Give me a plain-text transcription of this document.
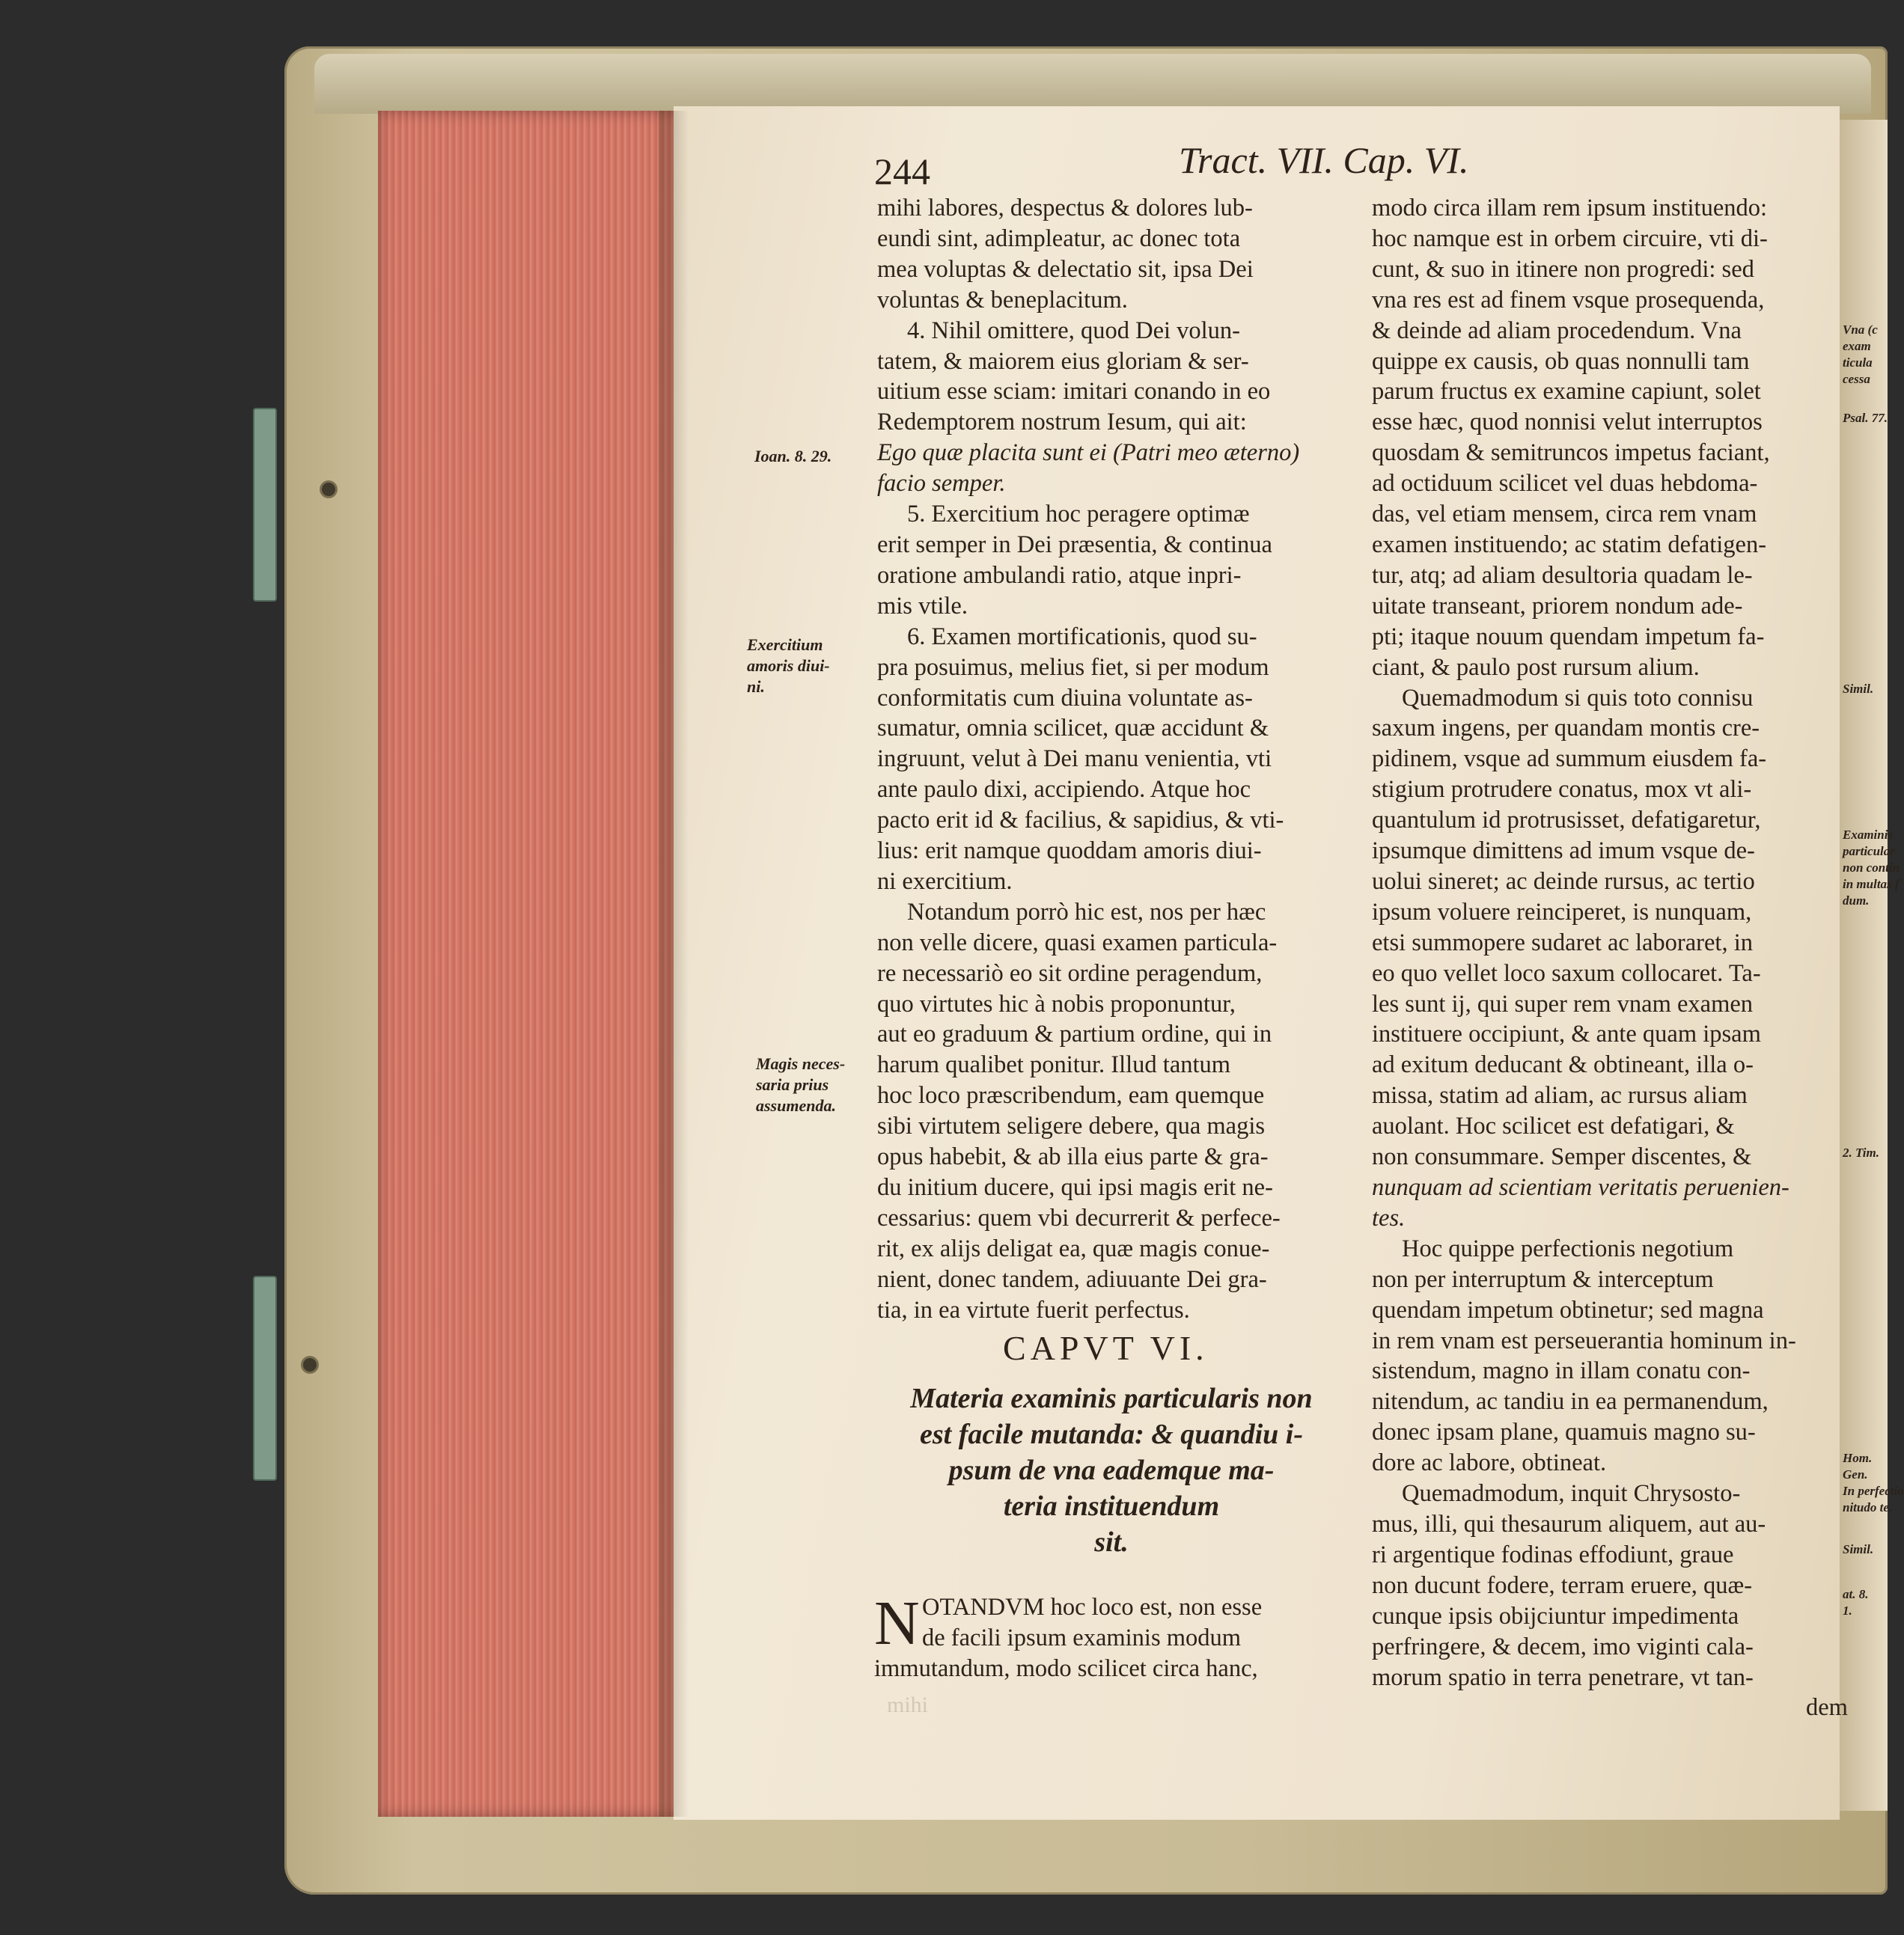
244	Tract. VII. Cap. VI.
Ioan. 8. 29.
Exercitium
amoris diui-
ni.
Magis neces-
saria prius
assumenda.
mihi labores, despectus & dolores lub-
eundi sint, adimpleatur, ac donec tota
mea voluptas & delectatio sit, ipsa Dei
voluntas & beneplacitum.
4. Nihil omittere, quod Dei volun-
tatem, & maiorem eius gloriam & ser-
uitium esse sciam: imitari conando in eo
Redemptorem nostrum Iesum, qui ait:
Ego quæ placita sunt ei (Patri meo æterno)
facio semper.
5. Exercitium hoc peragere optimæ
erit semper in Dei præsentia, & continua
oratione ambulandi ratio, atque inpri-
mis vtile.
6. Examen mortificationis, quod su-
pra posuimus, melius fiet, si per modum
conformitatis cum diuina voluntate as-
sumatur, omnia scilicet, quæ accidunt &
ingruunt, velut à Dei manu venientia, vti
ante paulo dixi, accipiendo. Atque hoc
pacto erit id & facilius, & sapidius, & vti-
lius: erit namque quoddam amoris diui-
ni exercitium.
Notandum porrò hic est, nos per hæc
non velle dicere, quasi examen particula-
re necessariò eo sit ordine peragendum,
quo virtutes hic à nobis proponuntur,
aut eo graduum & partium ordine, qui in
harum qualibet ponitur. Illud tantum
hoc loco præscribendum, eam quemque
sibi virtutem seligere debere, qua magis
opus habebit, & ab illa eius parte & gra-
du initium ducere, qui ipsi magis erit ne-
cessarius: quem vbi decurrerit & perfece-
rit, ex alijs deligat ea, quæ magis conue-
nient, donec tandem, adiuuante Dei gra-
tia, in ea virtute fuerit perfectus.
CAPVT VI.
Materia examinis particularis non
est facile mutanda: & quandiu i-
psum de vna eademque ma-
teria instituendum
sit.
N OTANDVM hoc loco est, non esse
de facili ipsum examinis modum
immutandum, modo scilicet circa hanc,
modo circa illam rem ipsum instituendo:
hoc namque est in orbem circuire, vti di-
cunt, & suo in itinere non progredi: sed
vna res est ad finem vsque prosequenda,
& deinde ad aliam procedendum. Vna
quippe ex causis, ob quas nonnulli tam
parum fructus ex examine capiunt, solet
esse hæc, quod nonnisi velut interruptos
quosdam & semitruncos impetus faciant,
ad octiduum scilicet vel duas hebdoma-
das, vel etiam mensem, circa rem vnam
examen instituendo; ac statim defatigen-
tur, atq; ad aliam desultoria quadam le-
uitate transeant, priorem nondum ade-
pti; itaque nouum quendam impetum fa-
ciant, & paulo post rursum alium.
Quemadmodum si quis toto connisu
saxum ingens, per quandam montis cre-
pidinem, vsque ad summum eiusdem fa-
stigium protrudere conatus, mox vt ali-
quantulum id protrusisset, defatigaretur,
ipsumque dimittens ad imum vsque de-
uolui sineret; ac deinde rursus, ac tertio
ipsum voluere reinciperet, is nunquam,
etsi summopere sudaret ac laboraret, in
eo quo vellet loco saxum collocaret. Ta-
les sunt ij, qui super rem vnam examen
instituere occipiunt, & ante quam ipsam
ad exitum deducant & obtineant, illa o-
missa, statim ad aliam, ac rursus aliam
auolant. Hoc scilicet est defatigari, &
non consummare. Semper discentes, &
nunquam ad scientiam veritatis peruenien-
tes.
Hoc quippe perfectionis negotium
non per interruptum & interceptum
quendam impetum obtinetur; sed magna
in rem vnam est perseuerantia hominum in-
sistendum, magno in illam conatu con-
nitendum, ac tandiu in ea permanendum,
donec ipsam plane, quamuis magno su-
dore ac labore, obtineat.
Quemadmodum, inquit Chrysosto-
mus, illi, qui thesaurum aliquem, aut au-
ri argentique fodinas effodiunt, graue
non ducunt fodere, terram eruere, quæ-
cunque ipsis obijciuntur impedimenta
perfringere, & decem, imo viginti cala-
morum spatio in terra penetrare, vt tan-
dem
Vna (c
exam
ticula
cessa
Psal. 77.
Simil.
Examinis
particular
non contin
in multas f
dum.
2. Tim.
Hom.
Gen.
In perfectio
nitudo te.
Simil.
at. 8.
1.
mihi
